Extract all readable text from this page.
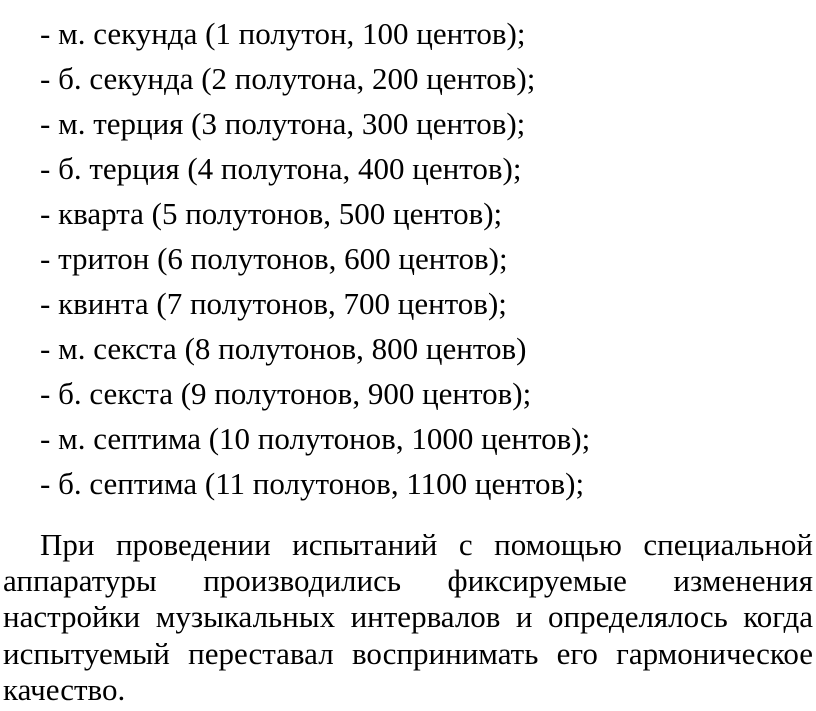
- м. секунда (1 полутон, 100 центов);
- б. секунда (2 полутона, 200 центов);
- м. терция (3 полутона, 300 центов);
- б. терция (4 полутона, 400 центов);
- кварта (5 полутонов, 500 центов);
- тритон (6 полутонов, 600 центов);
- квинта (7 полутонов, 700 центов);
- м. секста (8 полутонов, 800 центов)
- б. секста (9 полутонов, 900 центов);
- м. септима (10 полутонов, 1000 центов);
- б. септима (11 полутонов, 1100 центов);

При проведении испытаний с помощью специальной аппаратуры производились фиксируемые изменения настройки музыкальных интервалов и определялось когда испытуемый переставал воспринимать его гармоническое качество.
